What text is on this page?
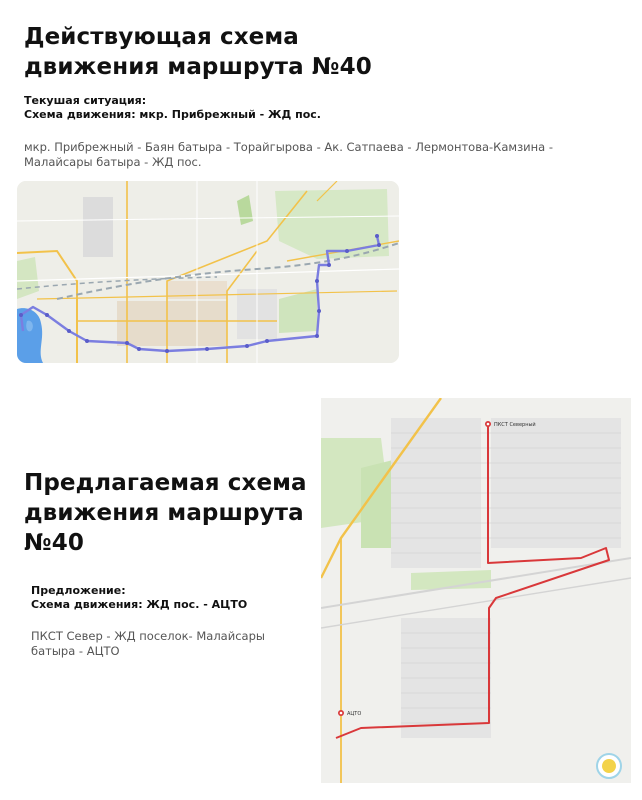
Действующая схема
движения маршрута №40
Текушая ситуация:
Схема движения: мкр. Прибрежный - ЖД пос.
мкр. Прибрежный - Баян батыра - Торайгырова - Ак. Сатпаева - Лермонтова-Камзина -
Малайсары батыра - ЖД пос.
Предлагаемая схема
движения маршрута
№40
Предложение:
Схема движения: ЖД пос. - АЦТО
ПКСТ Север - ЖД поселок- Малайсары
батыра - АЦТО
ПКСТ Северный
АЦТО
